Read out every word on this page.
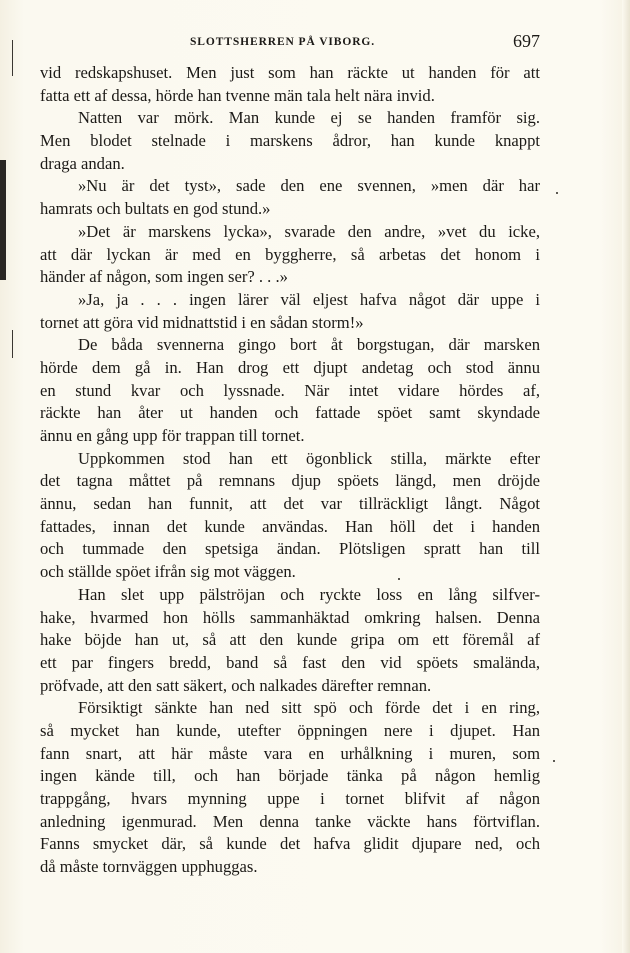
SLOTTSHERREN PÅ VIBORG.	697
vid redskapshuset. Men just som han räckte ut handen för att
fatta ett af dessa, hörde han tvenne män tala helt nära invid.
Natten var mörk. Man kunde ej se handen framför sig.
Men blodet stelnade i marskens ådror, han kunde knappt
draga andan.
»Nu är det tyst», sade den ene svennen, »men där har
hamrats och bultats en god stund.»
»Det är marskens lycka», svarade den andre, »vet du icke,
att där lyckan är med en byggherre, så arbetas det honom i
händer af någon, som ingen ser? . . .»
»Ja, ja . . . ingen lärer väl eljest hafva något där uppe i
tornet att göra vid midnattstid i en sådan storm!»
De båda svennerna gingo bort åt borgstugan, där marsken
hörde dem gå in. Han drog ett djupt andetag och stod ännu
en stund kvar och lyssnade. När intet vidare hördes af,
räckte han åter ut handen och fattade spöet samt skyndade
ännu en gång upp för trappan till tornet.
Uppkommen stod han ett ögonblick stilla, märkte efter
det tagna måttet på remnans djup spöets längd, men dröjde
ännu, sedan han funnit, att det var tillräckligt långt. Något
fattades, innan det kunde användas. Han höll det i handen
och tummade den spetsiga ändan. Plötsligen spratt han till
och ställde spöet ifrån sig mot väggen.
Han slet upp pälströjan och ryckte loss en lång silfver-
hake, hvarmed hon hölls sammanhäktad omkring halsen. Denna
hake böjde han ut, så att den kunde gripa om ett föremål af
ett par fingers bredd, band så fast den vid spöets smaländа,
pröfvade, att den satt säkert, och nalkades därefter remnan.
Försiktigt sänkte han ned sitt spö och förde det i en ring,
så mycket han kunde, utefter öppningen nere i djupet. Han
fann snart, att här måste vara en urhålkning i muren, som
ingen kände till, och han började tänka på någon hemlig
trappgång, hvars mynning uppe i tornet blifvit af någon
anledning igenmurad. Men denna tanke väckte hans förtviflan.
Fanns smycket där, så kunde det hafva glidit djupare ned, och
då måste tornväggen upphuggas.
